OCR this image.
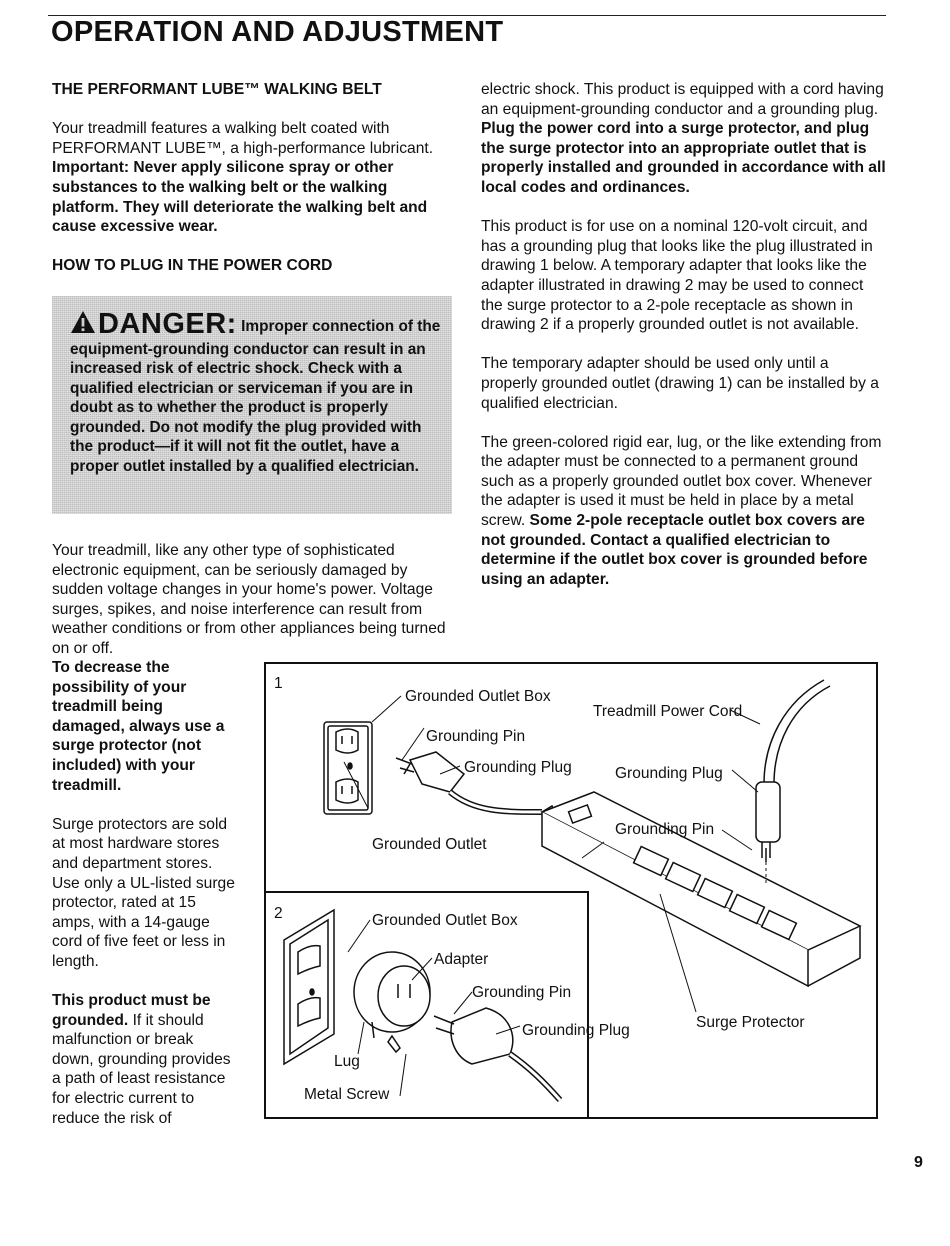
OPERATION AND ADJUSTMENT
THE PERFORMANT LUBE™ WALKING BELT

Your treadmill features a walking belt coated with PERFORMANT LUBE™, a high-performance lubricant. Important: Never apply silicone spray or other substances to the walking belt or the walking platform. They will deteriorate the walking belt and cause excessive wear.

HOW TO PLUG IN THE POWER CORD
DANGER: Improper connection of the equipment-grounding conductor can result in an increased risk of electric shock. Check with a qualified electrician or serviceman if you are in doubt as to whether the product is properly grounded. Do not modify the plug provided with the product—if it will not fit the outlet, have a proper outlet installed by a qualified electrician.

Your treadmill, like any other type of sophisticated electronic equipment, can be seriously damaged by sudden voltage changes in your home's power. Voltage surges, spikes, and noise interference can result from weather conditions or from other appliances being turned on or off.

To decrease the possibility of your treadmill being damaged, always use a surge protector (not included) with your treadmill.

Surge protectors are sold at most hardware stores and department stores. Use only a UL-listed surge protector, rated at 15 amps, with a 14-gauge cord of five feet or less in length.

This product must be grounded. If it should malfunction or break down, grounding provides a path of least resistance for electric current to reduce the risk of

electric shock. This product is equipped with a cord having an equipment-grounding conductor and a grounding plug. Plug the power cord into a surge protector, and plug the surge protector into an appropriate outlet that is properly installed and grounded in accordance with all local codes and ordinances.

This product is for use on a nominal 120-volt circuit, and has a grounding plug that looks like the plug illustrated in drawing 1 below. A temporary adapter that looks like the adapter illustrated in drawing 2 may be used to connect the surge protector to a 2-pole receptacle as shown in drawing 2 if a properly grounded outlet is not available.

The temporary adapter should be used only until a properly grounded outlet (drawing 1) can be installed by a qualified electrician.

The green-colored rigid ear, lug, or the like extending from the adapter must be connected to a permanent ground such as a properly grounded outlet box cover. Whenever the adapter is used it must be held in place by a metal screw. Some 2-pole receptacle outlet box covers are not grounded. Contact a qualified electrician to determine if the outlet box cover is grounded before using an adapter.

1
2
Grounded Outlet Box
Grounding Pin
Grounding Plug
Grounded Outlet
Treadmill Power Cord
Grounding Plug
Grounding Pin
Surge Protector
Grounded Outlet Box
Adapter
Grounding Pin
Grounding Plug
Lug
Metal Screw
9
